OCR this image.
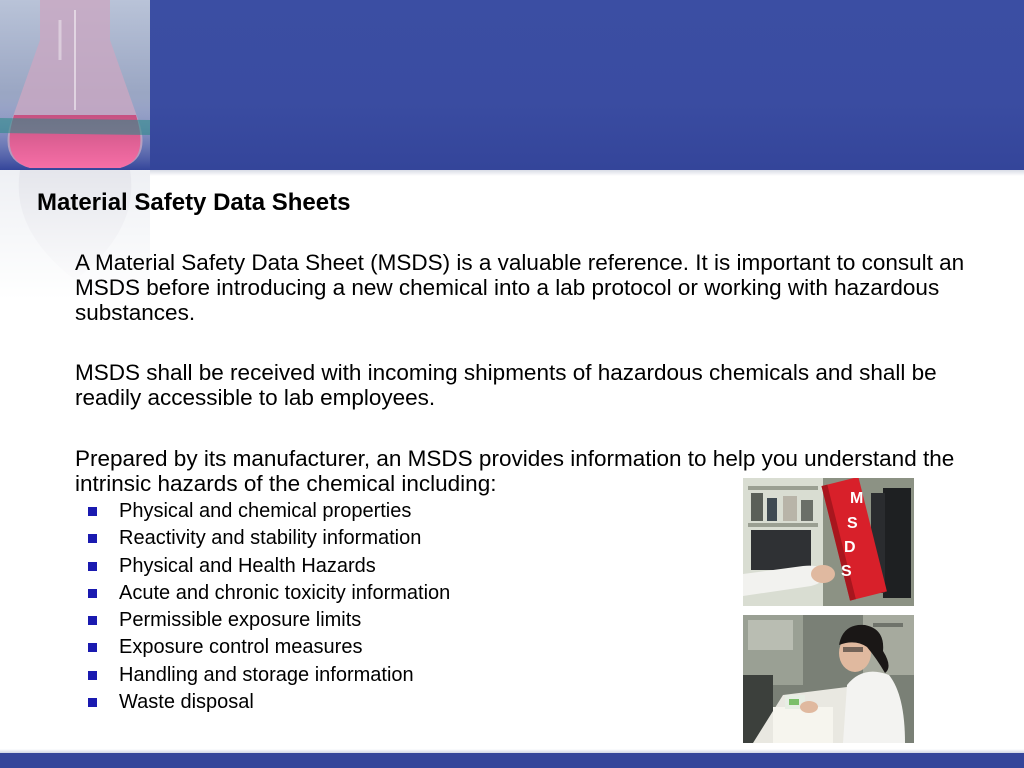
Material Safety Data Sheets

A Material Safety Data Sheet (MSDS) is a valuable reference. It is important to consult an MSDS before introducing a new chemical into a lab protocol or working with hazardous substances.

MSDS shall be received with incoming shipments of hazardous chemicals and shall be readily accessible to lab employees.

Prepared by its manufacturer, an MSDS provides information to help you understand the intrinsic hazards of the chemical including:

Physical and chemical properties
Reactivity and stability information
Physical and Health Hazards
Acute and chronic toxicity information
Permissible exposure limits
Exposure control measures
Handling and storage information
Waste disposal
M
S
D
S
